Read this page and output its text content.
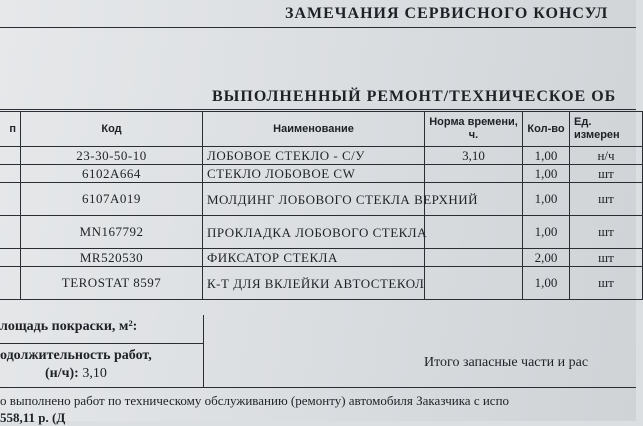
ЗАМЕЧАНИЯ СЕРВИСНОГО КОНСУЛ
ВЫПОЛНЕННЫЙ РЕМОНТ/ТЕХНИЧЕСКОЕ ОБ
п	Код	Наименование	Норма времени, ч.	Кол-во	Ед. измерен
	23-30-50-10	ЛОБОВОЕ СТЕКЛО - С/У	3,10	1,00	н/ч
	6102A664	СТЕКЛО ЛОБОВОЕ CW		1,00	шт
	6107A019	МОЛДИНГ ЛОБОВОГО СТЕКЛА ВЕРХНИЙ		1,00	шт
	MN167792	ПРОКЛАДКА ЛОБОВОГО СТЕКЛА		1,00	шт
	MR520530	ФИКСАТОР СТЕКЛА		2,00	шт
	TEROSTAT 8597	К-Т ДЛЯ ВКЛЕЙКИ АВТОСТЕКОЛ		1,00	шт
лощадь покраски, м²:
одолжительность работ,
(н/ч): 3,10
Итого запасные части и рас
о выполнено работ по техническому обслуживанию (ремонту) автомобиля Заказчика с испо
558,11 р. (Д
